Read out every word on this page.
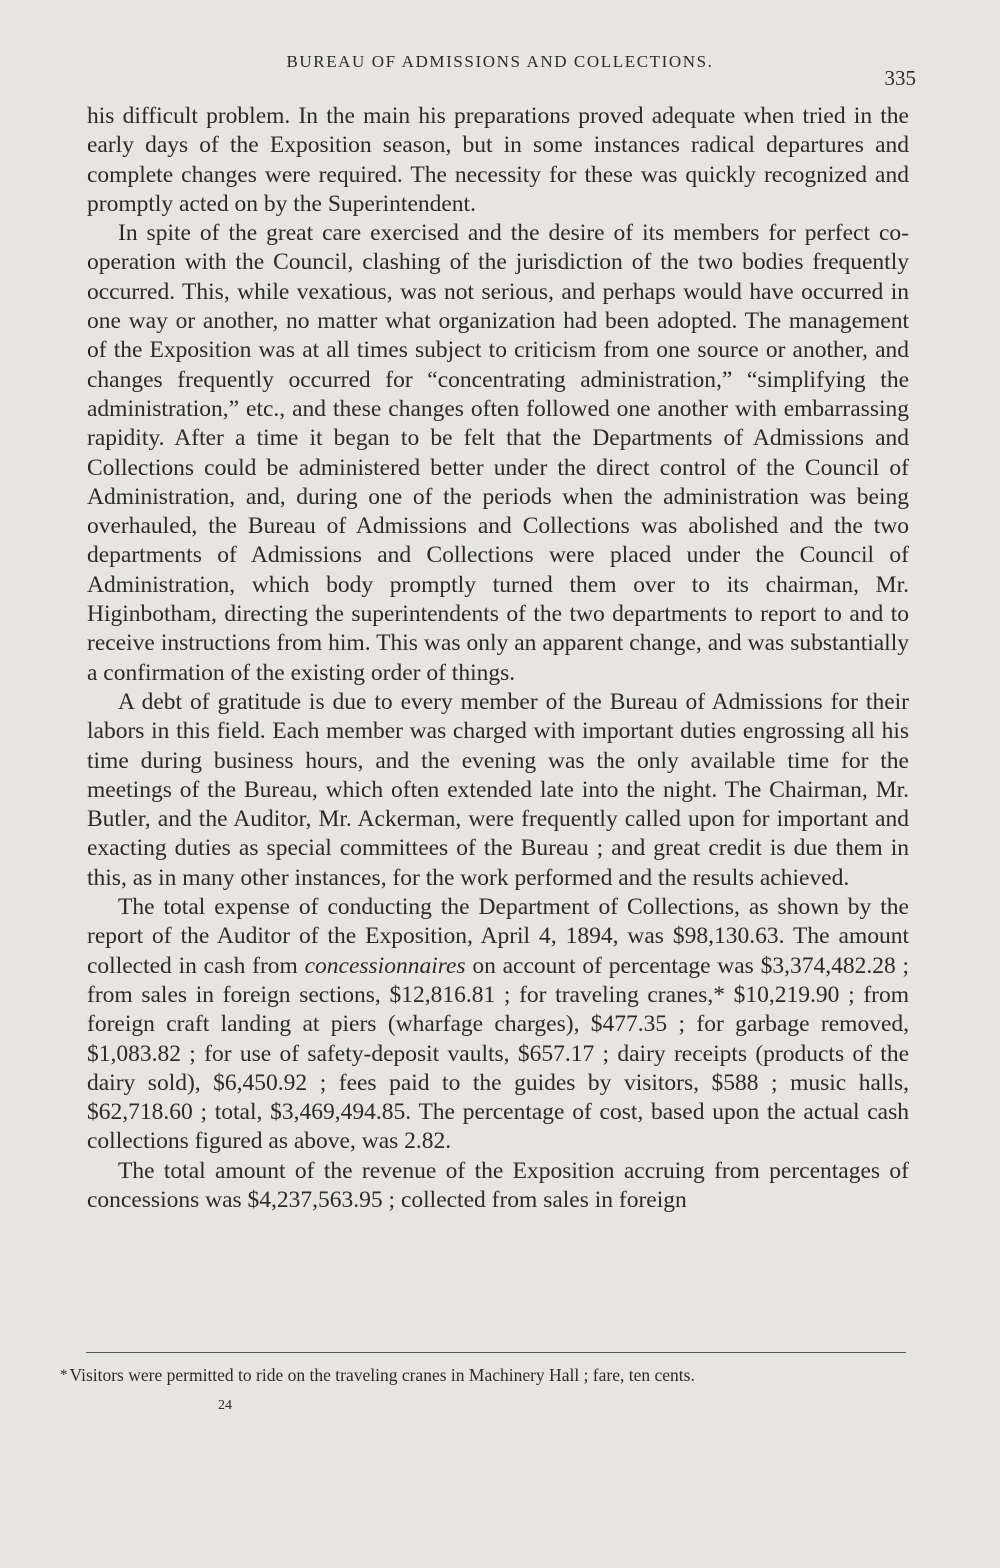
BUREAU OF ADMISSIONS AND COLLECTIONS.
335

his difficult problem. In the main his preparations proved adequate when tried in the early days of the Exposition season, but in some instances radical departures and complete changes were required. The necessity for these was quickly recognized and promptly acted on by the Superintendent.

In spite of the great care exercised and the desire of its members for perfect co-operation with the Council, clashing of the jurisdiction of the two bodies frequently occurred. This, while vexatious, was not serious, and perhaps would have occurred in one way or another, no matter what organization had been adopted. The management of the Exposition was at all times subject to criticism from one source or another, and changes frequently occurred for “concentrating administration,” “simplifying the administration,” etc., and these changes often followed one another with embarrassing rapidity. After a time it began to be felt that the Departments of Admissions and Collections could be administered better under the direct control of the Council of Administration, and, during one of the periods when the administration was being overhauled, the Bureau of Admissions and Collections was abolished and the two departments of Admissions and Collections were placed under the Council of Administration, which body promptly turned them over to its chairman, Mr. Higinbotham, directing the superintendents of the two departments to report to and to receive instructions from him. This was only an apparent change, and was substantially a confirmation of the existing order of things.

A debt of gratitude is due to every member of the Bureau of Admissions for their labors in this field. Each member was charged with important duties engrossing all his time during business hours, and the evening was the only available time for the meetings of the Bureau, which often extended late into the night. The Chairman, Mr. Butler, and the Auditor, Mr. Ackerman, were frequently called upon for important and exacting duties as special committees of the Bureau ; and great credit is due them in this, as in many other instances, for the work performed and the results achieved.

The total expense of conducting the Department of Collections, as shown by the report of the Auditor of the Exposition, April 4, 1894, was $98,130.63. The amount collected in cash from concessionnaires on account of percentage was $3,374,482.28 ; from sales in foreign sections, $12,816.81 ; for traveling cranes,* $10,219.90 ; from foreign craft landing at piers (wharfage charges), $477.35 ; for garbage removed, $1,083.82 ; for use of safety-deposit vaults, $657.17 ; dairy receipts (products of the dairy sold), $6,450.92 ; fees paid to the guides by visitors, $588 ; music halls, $62,718.60 ; total, $3,469,494.85. The percentage of cost, based upon the actual cash collections figured as above, was 2.82.

The total amount of the revenue of the Exposition accruing from percentages of concessions was $4,237,563.95 ; collected from sales in foreign

* Visitors were permitted to ride on the traveling cranes in Machinery Hall ; fare, ten cents.
24
